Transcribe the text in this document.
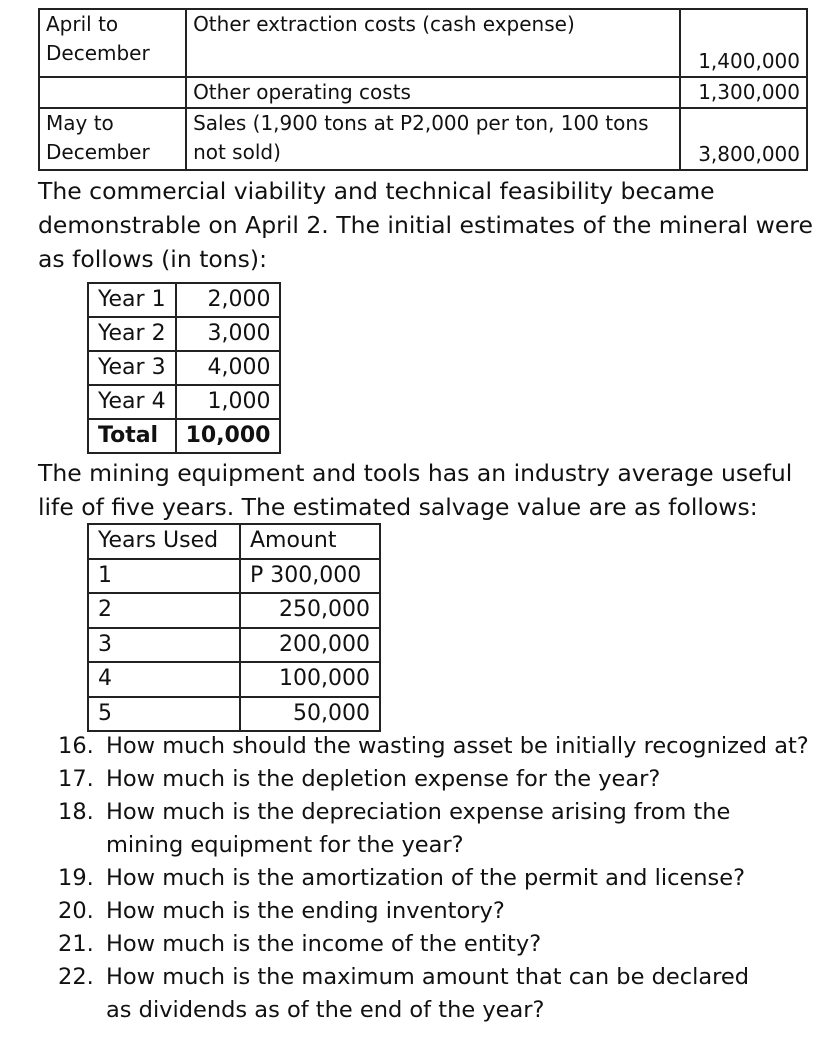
April to December	Other extraction costs (cash expense)	1,400,000
	Other operating costs	1,300,000
May to December	Sales (1,900 tons at P2,000 per ton, 100 tons not sold)	3,800,000

The commercial viability and technical feasibility became demonstrable on April 2. The initial estimates of the mineral were as follows (in tons):

Year 1	2,000
Year 2	3,000
Year 3	4,000
Year 4	1,000
Total	10,000

The mining equipment and tools has an industry average useful life of five years. The estimated salvage value are as follows:

Years Used	Amount
1	P 300,000
2	250,000
3	200,000
4	100,000
5	50,000
16. How much should the wasting asset be initially recognized at?
17. How much is the depletion expense for the year?
18. How much is the depreciation expense arising from the mining equipment for the year?
19. How much is the amortization of the permit and license?
20. How much is the ending inventory?
21. How much is the income of the entity?
22. How much is the maximum amount that can be declared as dividends as of the end of the year?
